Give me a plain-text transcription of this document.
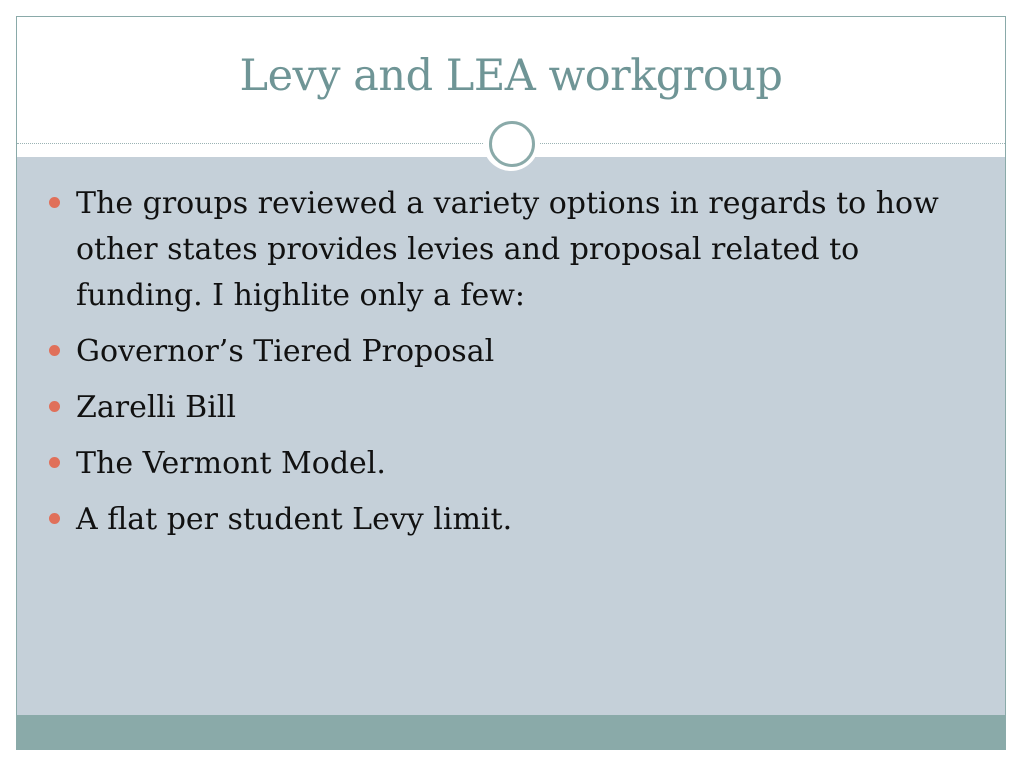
Levy and LEA workgroup
The groups reviewed a variety options in regards to how other states provides levies and proposal related to funding. I highlite only a few:
Governor’s Tiered Proposal
Zarelli Bill
The Vermont Model.
A flat per student Levy limit.
